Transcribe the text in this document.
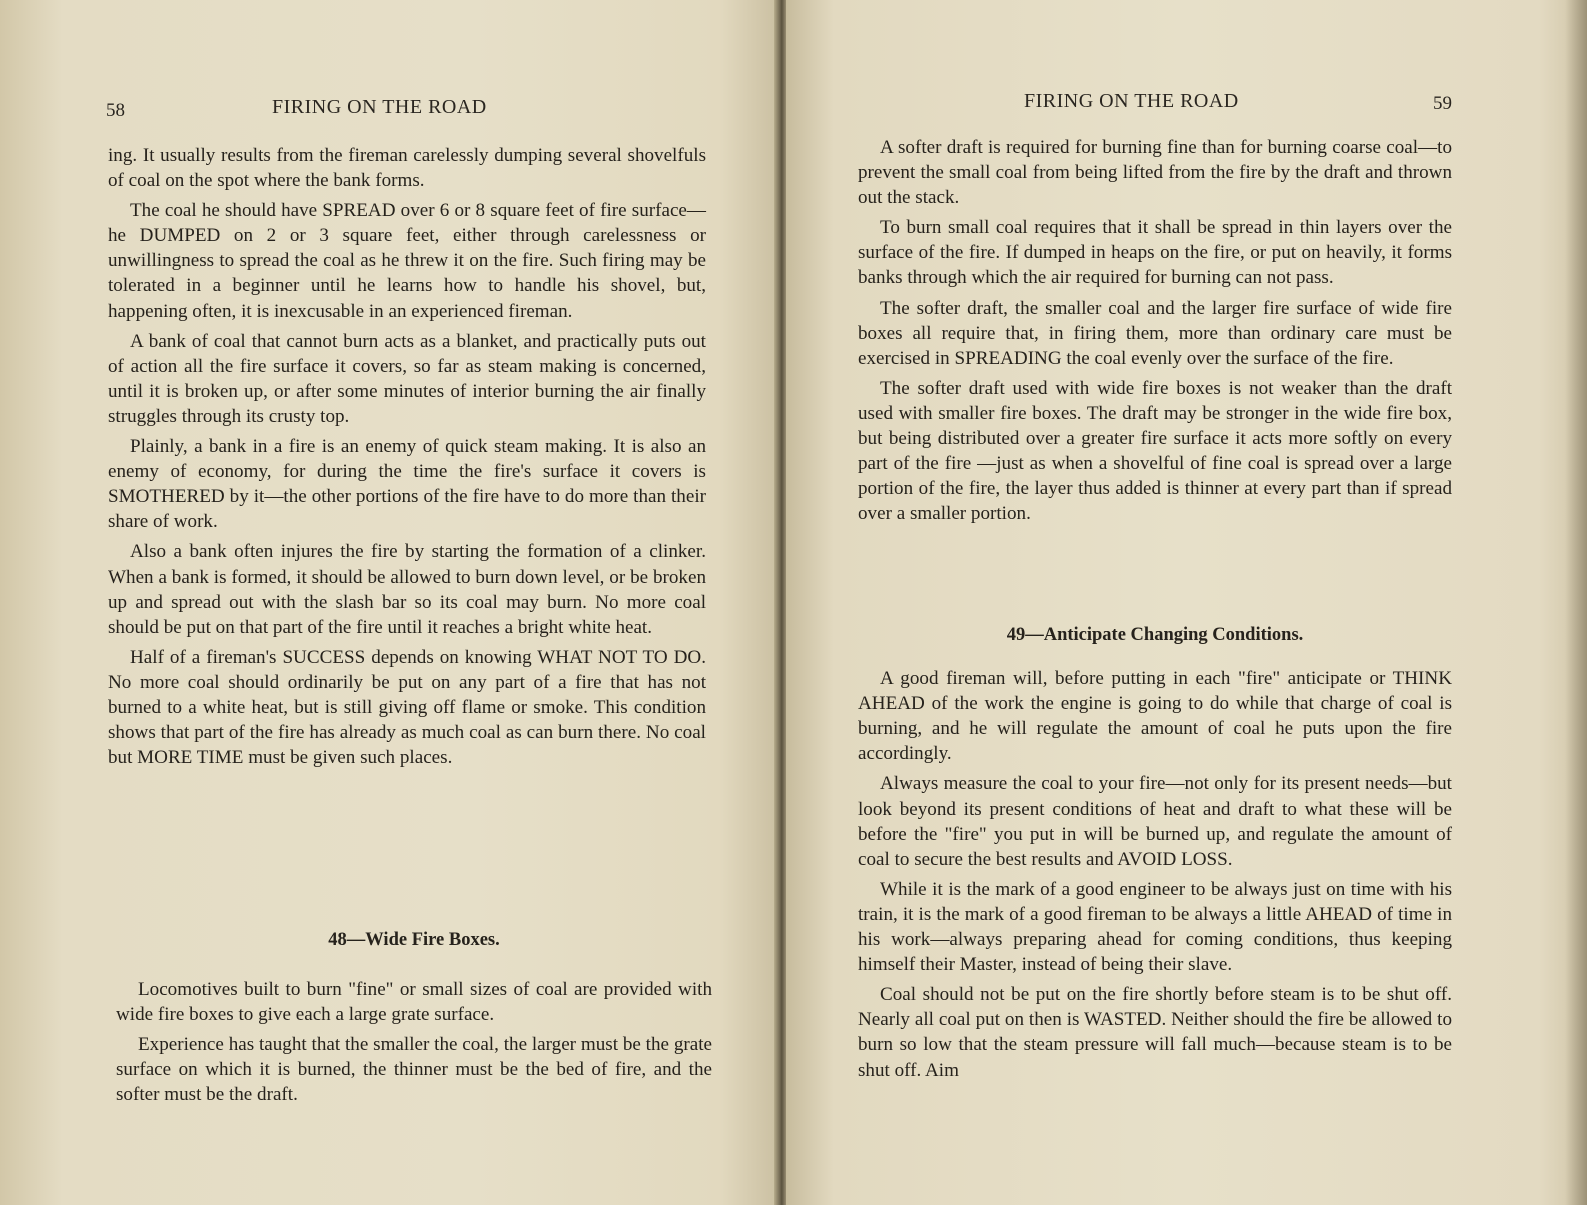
58	FIRING ON THE ROAD

ing. It usually results from the fireman carelessly dumping several shovelfuls of coal on the spot where the bank forms.

The coal he should have SPREAD over 6 or 8 square feet of fire surface—he DUMPED on 2 or 3 square feet, either through carelessness or unwillingness to spread the coal as he threw it on the fire. Such firing may be tolerated in a beginner until he learns how to handle his shovel, but, happening often, it is inexcusable in an experienced fireman.

A bank of coal that cannot burn acts as a blanket, and practically puts out of action all the fire surface it covers, so far as steam making is concerned, until it is broken up, or after some minutes of interior burning the air finally struggles through its crusty top.

Plainly, a bank in a fire is an enemy of quick steam making. It is also an enemy of economy, for during the time the fire's surface it covers is SMOTHERED by it—the other portions of the fire have to do more than their share of work.

Also a bank often injures the fire by starting the formation of a clinker. When a bank is formed, it should be allowed to burn down level, or be broken up and spread out with the slash bar so its coal may burn. No more coal should be put on that part of the fire until it reaches a bright white heat.

Half of a fireman's SUCCESS depends on knowing WHAT NOT TO DO. No more coal should ordinarily be put on any part of a fire that has not burned to a white heat, but is still giving off flame or smoke. This condition shows that part of the fire has already as much coal as can burn there. No coal but MORE TIME must be given such places.

48—Wide Fire Boxes.

Locomotives built to burn "fine" or small sizes of coal are provided with wide fire boxes to give each a large grate surface.

Experience has taught that the smaller the coal, the larger must be the grate surface on which it is burned, the thinner must be the bed of fire, and the softer must be the draft.

FIRING ON THE ROAD	59

A softer draft is required for burning fine than for burning coarse coal—to prevent the small coal from being lifted from the fire by the draft and thrown out the stack.

To burn small coal requires that it shall be spread in thin layers over the surface of the fire. If dumped in heaps on the fire, or put on heavily, it forms banks through which the air required for burning can not pass.

The softer draft, the smaller coal and the larger fire surface of wide fire boxes all require that, in firing them, more than ordinary care must be exercised in SPREADING the coal evenly over the surface of the fire.

The softer draft used with wide fire boxes is not weaker than the draft used with smaller fire boxes. The draft may be stronger in the wide fire box, but being distributed over a greater fire surface it acts more softly on every part of the fire —just as when a shovelful of fine coal is spread over a large portion of the fire, the layer thus added is thinner at every part than if spread over a smaller portion.

49—Anticipate Changing Conditions.

A good fireman will, before putting in each "fire" anticipate or THINK AHEAD of the work the engine is going to do while that charge of coal is burning, and he will regulate the amount of coal he puts upon the fire accordingly.

Always measure the coal to your fire—not only for its present needs—but look beyond its present conditions of heat and draft to what these will be before the "fire" you put in will be burned up, and regulate the amount of coal to secure the best results and AVOID LOSS.

While it is the mark of a good engineer to be always just on time with his train, it is the mark of a good fireman to be always a little AHEAD of time in his work—always preparing ahead for coming conditions, thus keeping himself their Master, instead of being their slave.

Coal should not be put on the fire shortly before steam is to be shut off. Nearly all coal put on then is WASTED. Neither should the fire be allowed to burn so low that the steam pressure will fall much—because steam is to be shut off. Aim
